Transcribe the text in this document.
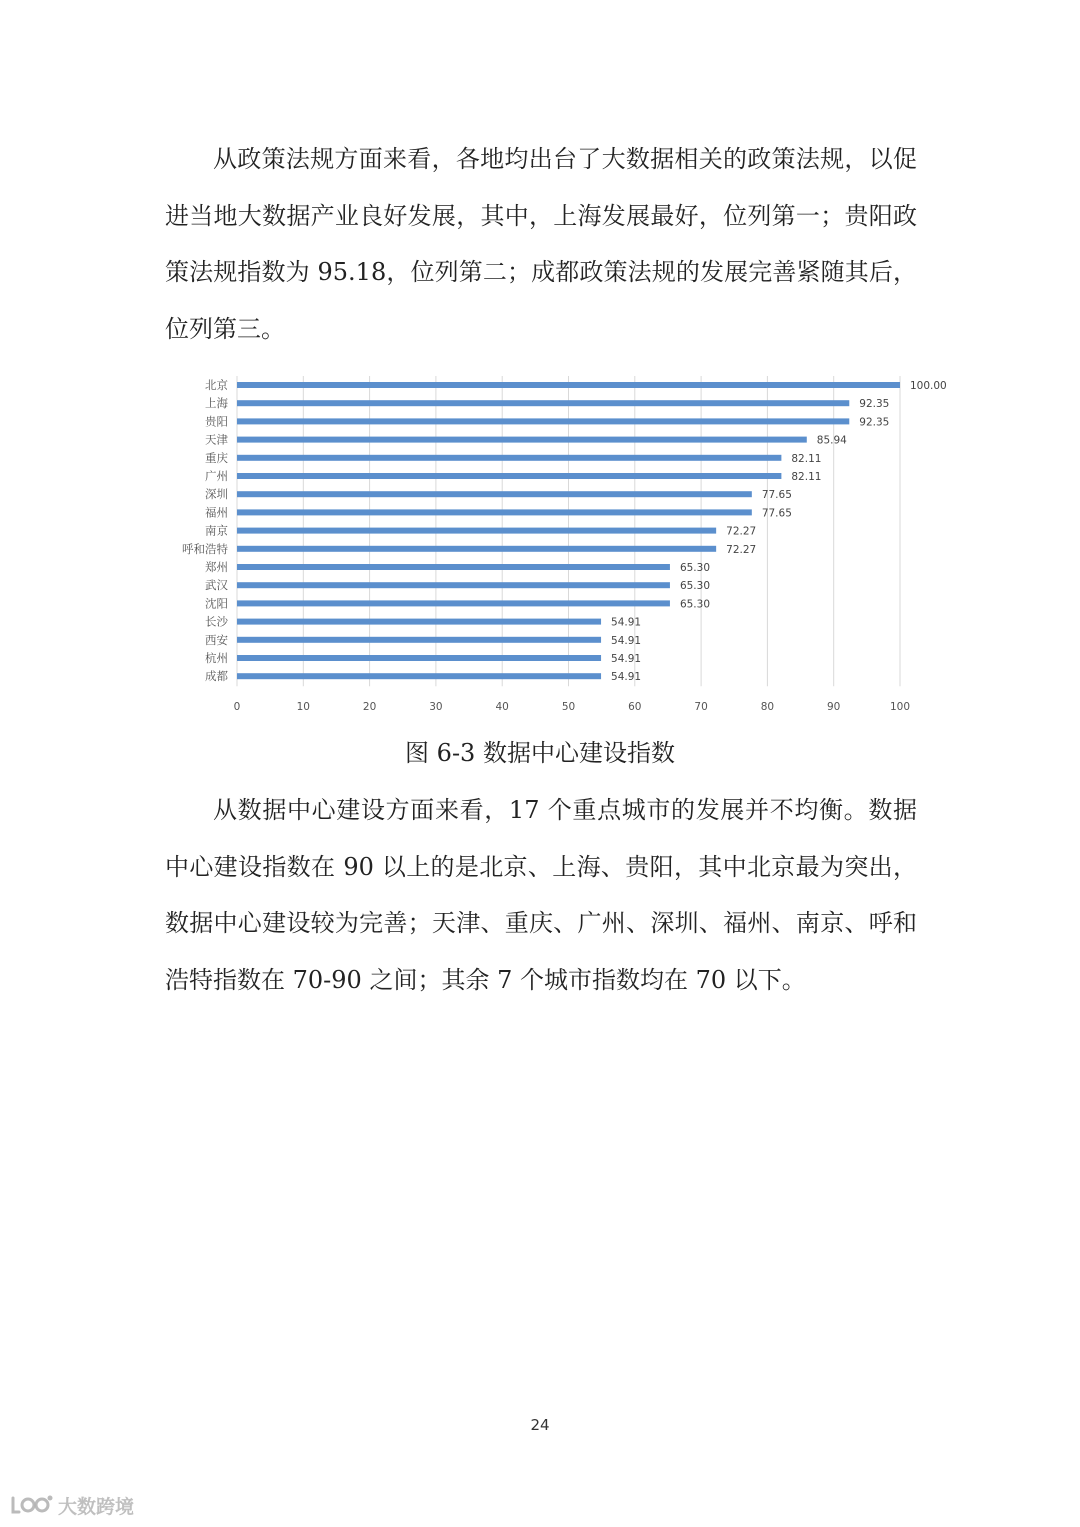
从政策法规方面来看，各地均出台了大数据相关的政策法规，以促进当地大数据产业良好发展，其中，上海发展最好，位列第一；贵阳政策法规指数为 95.18，位列第二；成都政策法规的发展完善紧随其后，位列第三。

0	10	20	30	40	50	60	70	80	90	100
北京	100.00
上海	92.35
贵阳	92.35
天津	85.94
重庆	82.11
广州	82.11
深圳	77.65
福州	77.65
南京	72.27
呼和浩特	72.27
郑州	65.30
武汉	65.30
沈阳	65.30
长沙	54.91
西安	54.91
杭州	54.91
成都	54.91
图 6-3 数据中心建设指数

从数据中心建设方面来看，17 个重点城市的发展并不均衡。数据中心建设指数在 90 以上的是北京、上海、贵阳，其中北京最为突出，数据中心建设较为完善；天津、重庆、广州、深圳、福州、南京、呼和浩特指数在 70-90 之间；其余 7 个城市指数均在 70 以下。

24
大数跨境
